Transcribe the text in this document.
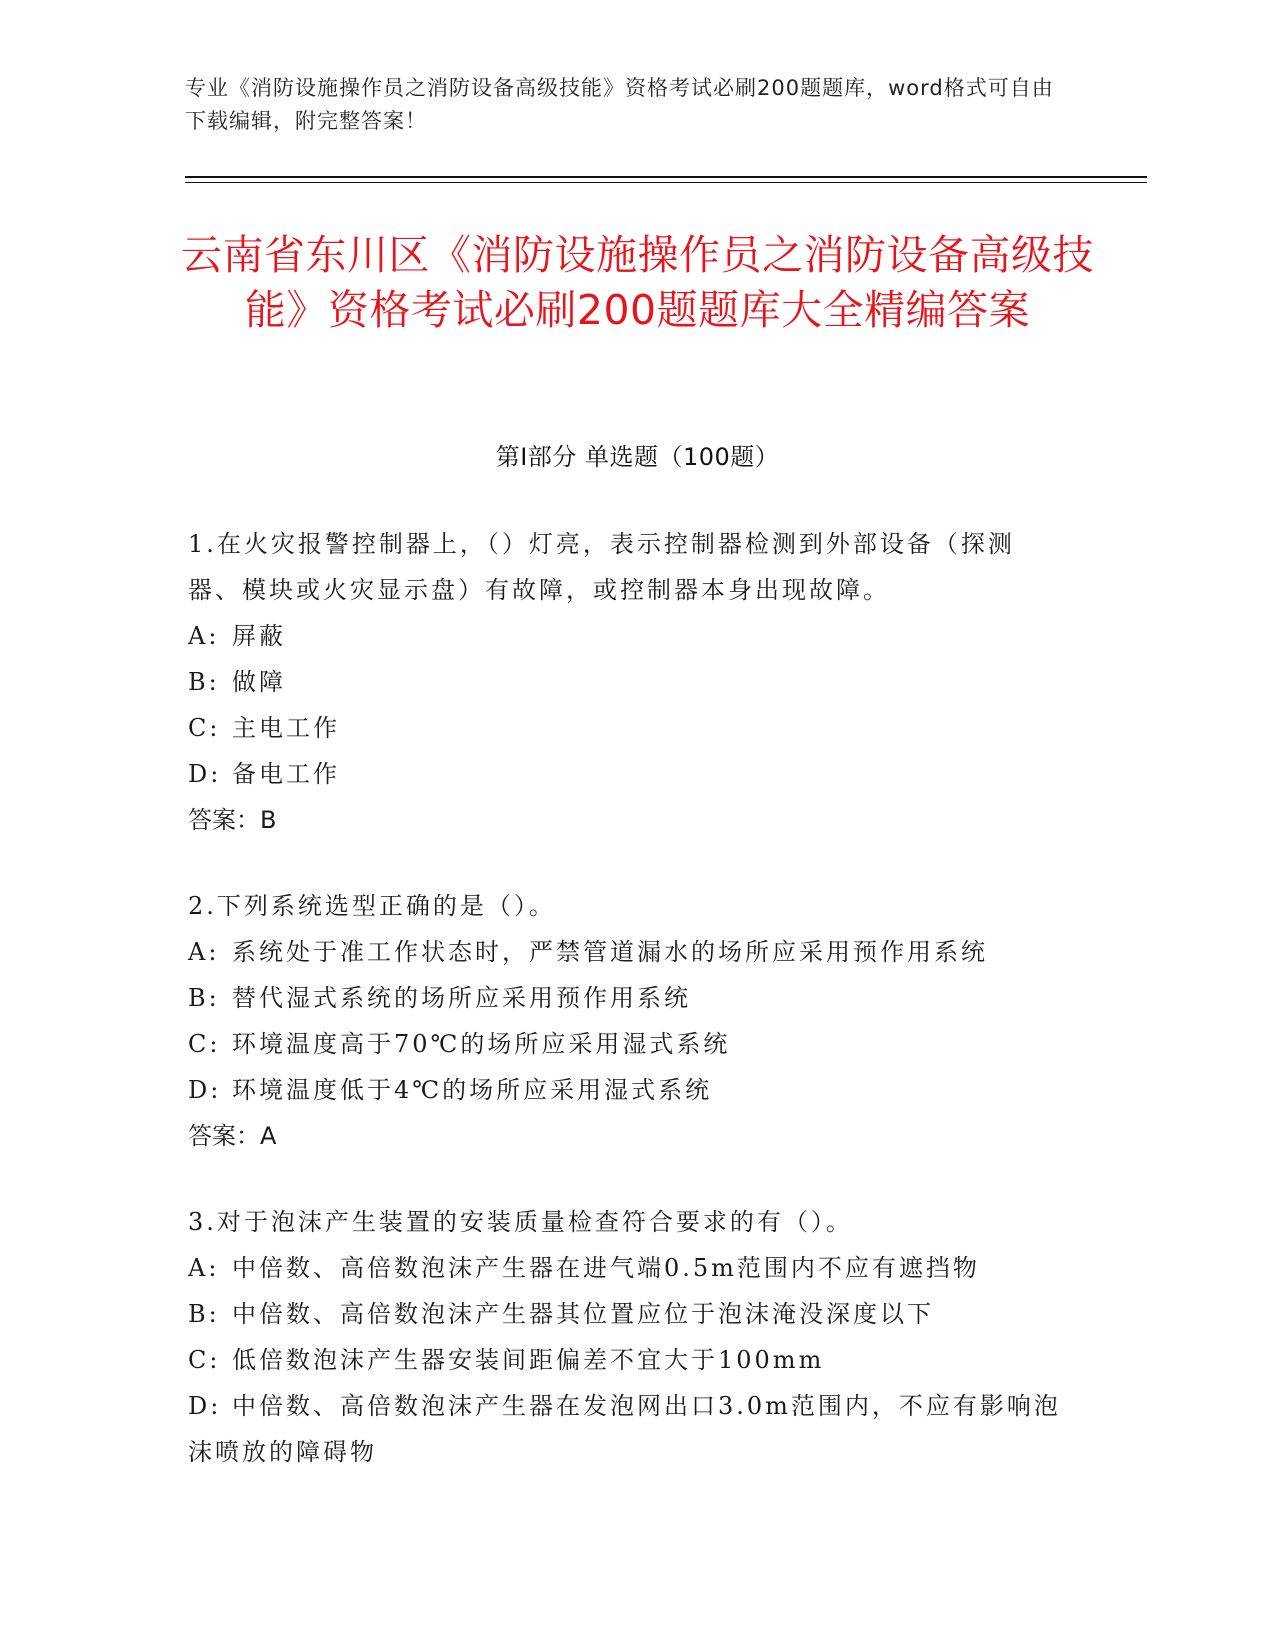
专业《消防设施操作员之消防设备高级技能》资格考试必刷200题题库，word格式可自由下载编辑，附完整答案！
云南省东川区《消防设施操作员之消防设备高级技能》资格考试必刷200题题库大全精编答案
第Ⅰ部分 单选题（100题）
1.在火灾报警控制器上，（）灯亮，表示控制器检测到外部设备（探测器、模块或火灾显示盘）有故障，或控制器本身出现故障。
A: 屏蔽
B: 做障
C: 主电工作
D: 备电工作
答案：B
2.下列系统选型正确的是（）。
A: 系统处于准工作状态时，严禁管道漏水的场所应采用预作用系统
B: 替代湿式系统的场所应采用预作用系统
C: 环境温度高于70℃的场所应采用湿式系统
D: 环境温度低于4℃的场所应采用湿式系统
答案：A
3.对于泡沫产生装置的安装质量检查符合要求的有（）。
A: 中倍数、高倍数泡沫产生器在进气端0.5m范围内不应有遮挡物
B: 中倍数、高倍数泡沫产生器其位置应位于泡沫淹没深度以下
C: 低倍数泡沫产生器安装间距偏差不宜大于100mm
D: 中倍数、高倍数泡沫产生器在发泡网出口3.0m范围内，不应有影响泡沫喷放的障碍物
